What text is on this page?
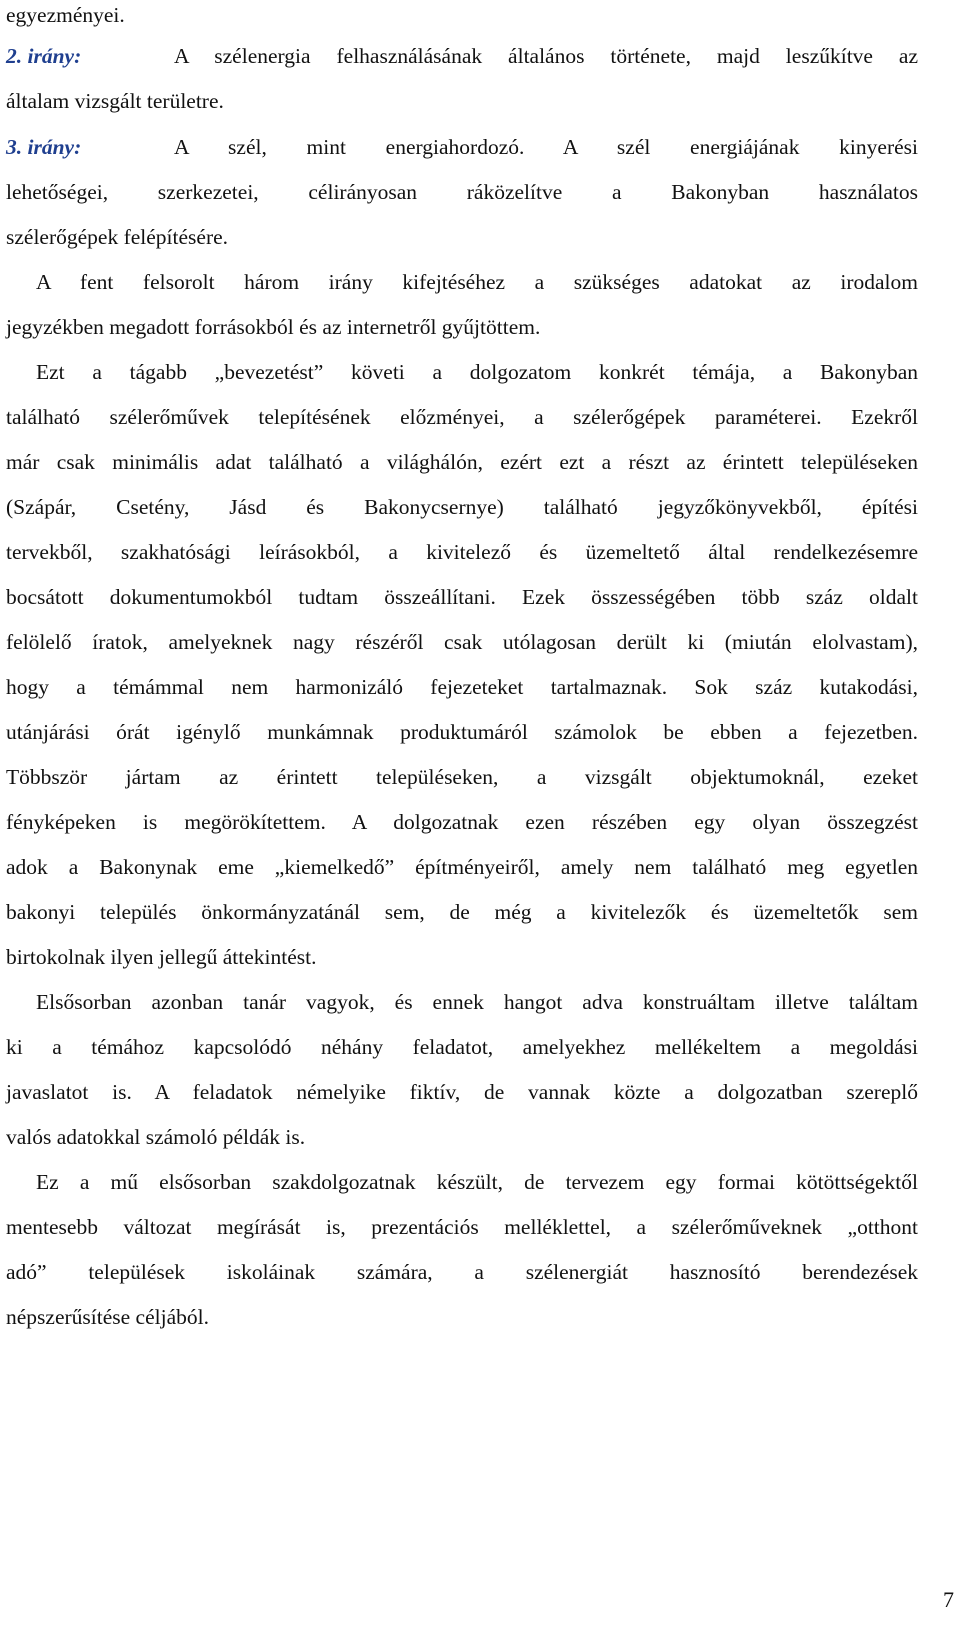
egyezményei.
2. irány:	A szélenergia felhasználásának általános története, majd leszűkítve az
általam vizsgált területre.
3. irány:	A szél, mint energiahordozó. A szél energiájának kinyerési
lehetőségei, szerkezetei, célirányosan ráközelítve a Bakonyban használatos
szélerőgépek felépítésére.
A fent felsorolt három irány kifejtéséhez a szükséges adatokat az irodalom
jegyzékben megadott forrásokból és az internetről gyűjtöttem.
Ezt a tágabb „bevezetést” követi a dolgozatom konkrét témája, a Bakonyban
található szélerőművek telepítésének előzményei, a szélerőgépek paraméterei. Ezekről
már csak minimális adat található a világhálón, ezért ezt a részt az érintett településeken
(Szápár, Csetény, Jásd és Bakonycsernye) található jegyzőkönyvekből, építési
tervekből, szakhatósági leírásokból, a kivitelező és üzemeltető által rendelkezésemre
bocsátott dokumentumokból tudtam összeállítani. Ezek összességében több száz oldalt
felölelő íratok, amelyeknek nagy részéről csak utólagosan derült ki (miután elolvastam),
hogy a témámmal nem harmonizáló fejezeteket tartalmaznak. Sok száz kutakodási,
utánjárási órát igénylő munkámnak produktumáról számolok be ebben a fejezetben.
Többször jártam az érintett településeken, a vizsgált objektumoknál, ezeket
fényképeken is megörökítettem. A dolgozatnak ezen részében egy olyan összegzést
adok a Bakonynak eme „kiemelkedő” építményeiről, amely nem található meg egyetlen
bakonyi település önkormányzatánál sem, de még a kivitelezők és üzemeltetők sem
birtokolnak ilyen jellegű áttekintést.
Elsősorban azonban tanár vagyok, és ennek hangot adva konstruáltam illetve találtam
ki a témához kapcsolódó néhány feladatot, amelyekhez mellékeltem a megoldási
javaslatot is. A feladatok némelyike fiktív, de vannak közte a dolgozatban szereplő
valós adatokkal számoló példák is.
Ez a mű elsősorban szakdolgozatnak készült, de tervezem egy formai kötöttségektől
mentesebb változat megírását is, prezentációs melléklettel, a szélerőműveknek „otthont
adó” települések iskoláinak számára, a szélenergiát hasznosító berendezések
népszerűsítése céljából.
7
